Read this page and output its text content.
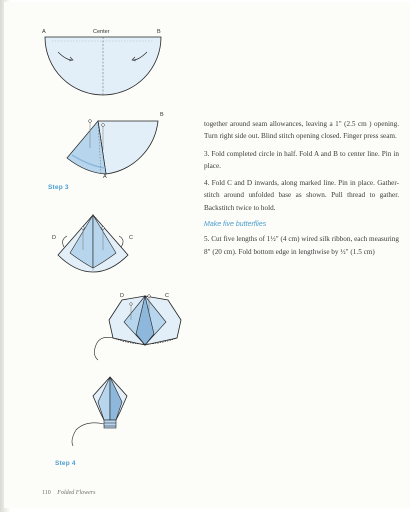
A	Center	B
B
A
D	C
D	C
Step 3
Step 4

together around seam allowances, leaving a 1" (2.5 cm ) opening. Turn right side out. Blind stitch opening closed. Finger press seam.

3. Fold completed circle in half. Fold A and B to center line. Pin in place.

4. Fold C and D inwards, along marked line. Pin in place. Gather-stitch around unfolded base as shown. Pull thread to gather. Backstitch twice to hold.

Make five butterflies

5. Cut five lengths of 1½" (4 cm) wired silk ribbon, each measuring 8" (20 cm). Fold bottom edge in lengthwise by ½" (1.5 cm)

110 Folded Flowers
